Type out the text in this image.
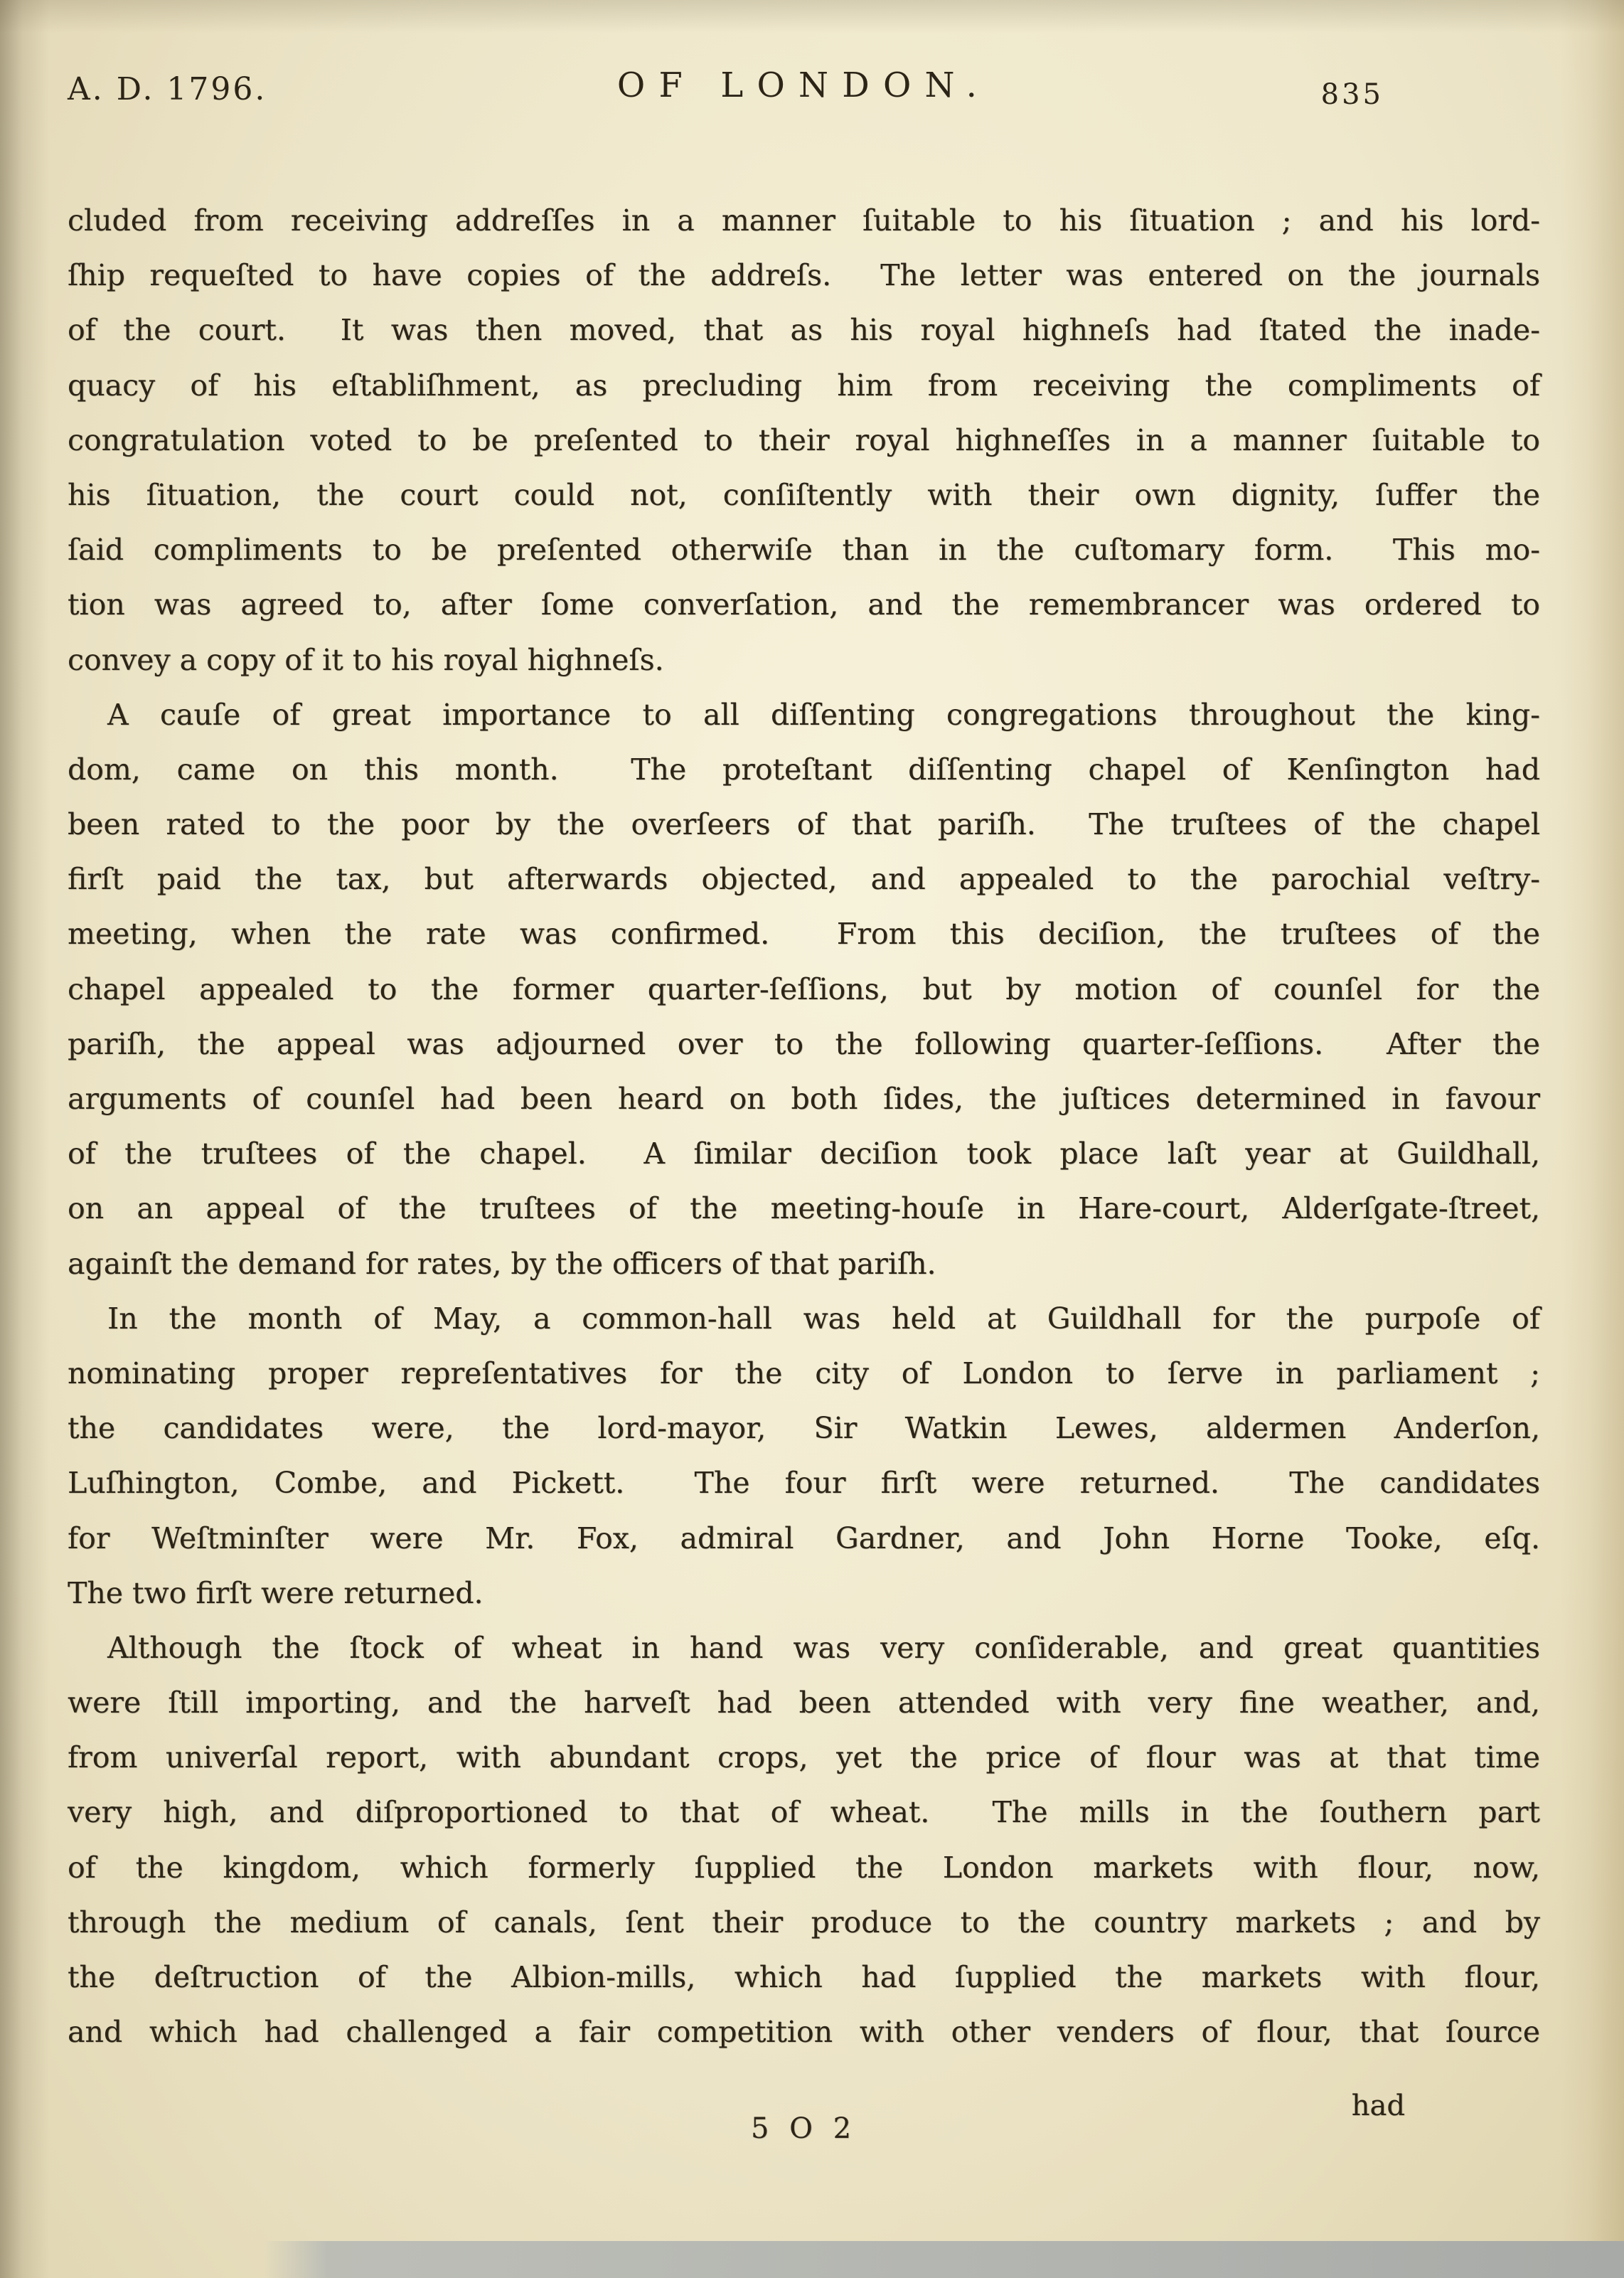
A. D. 1796.	OF LONDON.	835
cluded from receiving addreſſes in a manner ſuitable to his ſituation ; and his lord-
ſhip requeſted to have copies of the addreſs.  The letter was entered on the journals
of the court.  It was then moved, that as his royal highneſs had ſtated the inade-
quacy of his eſtabliſhment, as precluding him from receiving the compliments of
congratulation voted to be preſented to their royal highneſſes in a manner ſuitable to
his ſituation, the court could not, conſiſtently with their own dignity, ſuffer the
ſaid compliments to be preſented otherwiſe than in the cuſtomary form.  This mo-
tion was agreed to, after ſome converſation, and the remembrancer was ordered to
convey a copy of it to his royal highneſs.
A cauſe of great importance to all diſſenting congregations throughout the king-
dom, came on this month.  The proteſtant diſſenting chapel of Kenſington had
been rated to the poor by the overſeers of that pariſh.  The truſtees of the chapel
firſt paid the tax, but afterwards objected, and appealed to the parochial veſtry-
meeting, when the rate was confirmed.  From this deciſion, the truſtees of the
chapel appealed to the former quarter-ſeſſions, but by motion of counſel for the
pariſh, the appeal was adjourned over to the following quarter-ſeſſions.  After the
arguments of counſel had been heard on both ſides, the juſtices determined in favour
of the truſtees of the chapel.  A ſimilar deciſion took place laſt year at Guildhall,
on an appeal of the truſtees of the meeting-houſe in Hare-court, Alderſgate-ſtreet,
againſt the demand for rates, by the officers of that pariſh.
In the month of May, a common-hall was held at Guildhall for the purpoſe of
nominating proper repreſentatives for the city of London to ſerve in parliament ;
the candidates were, the lord-mayor, Sir Watkin Lewes, aldermen Anderſon,
Luſhington, Combe, and Pickett.  The four firſt were returned.  The candidates
for Weſtminſter were Mr. Fox, admiral Gardner, and John Horne Tooke, eſq.
The two firſt were returned.
Although the ſtock of wheat in hand was very conſiderable, and great quantities
were ſtill importing, and the harveſt had been attended with very fine weather, and,
from univerſal report, with abundant crops, yet the price of flour was at that time
very high, and diſproportioned to that of wheat.  The mills in the ſouthern part
of the kingdom, which formerly ſupplied the London markets with flour, now,
through the medium of canals, ſent their produce to the country markets ; and by
the deſtruction of the Albion-mills, which had ſupplied the markets with flour,
and which had challenged a fair competition with other venders of flour, that ſource
had
5 O 2
